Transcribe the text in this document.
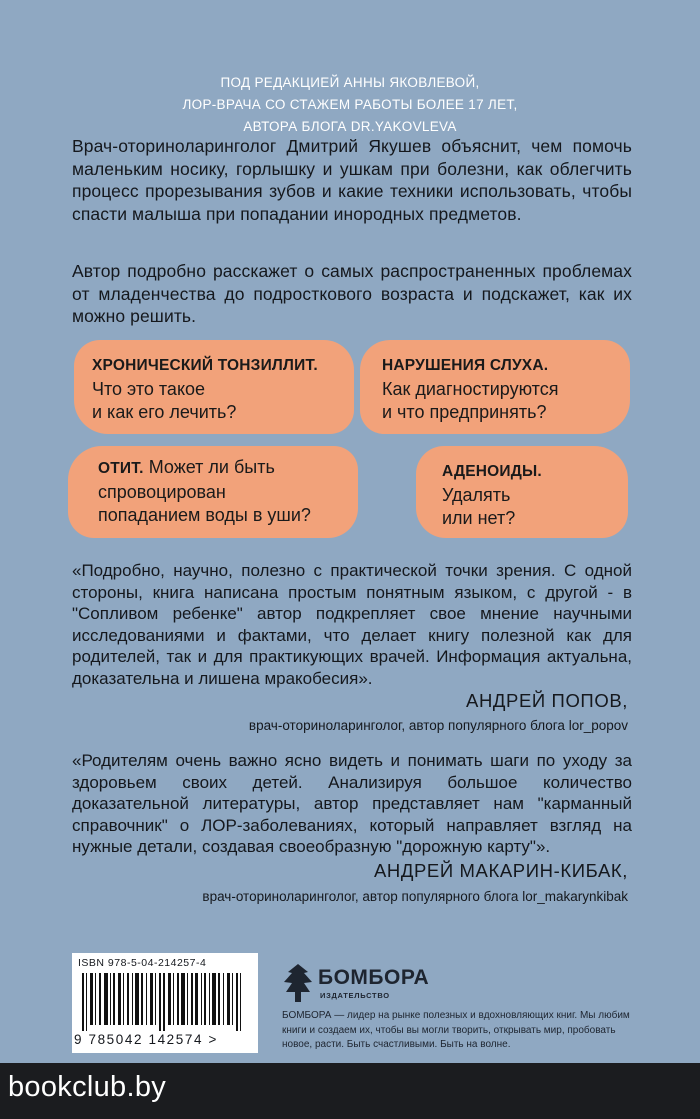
ПОД РЕДАКЦИЕЙ АННЫ ЯКОВЛЕВОЙ,
ЛОР-ВРАЧА СО СТАЖЕМ РАБОТЫ БОЛЕЕ 17 ЛЕТ,
АВТОРА БЛОГА DR.YAKOVLEVA
Врач-оториноларинголог Дмитрий Якушев объяснит, чем помочь маленьким носику, горлышку и ушкам при болезни, как облегчить процесс прорезывания зубов и какие техники использовать, чтобы спасти малыша при попадании инородных предметов.
Автор подробно расскажет о самых распространенных проблемах от младенчества до подросткового возраста и подскажет, как их можно решить.
ХРОНИЧЕСКИЙ ТОНЗИЛЛИТ.
Что это такое
и как его лечить?
НАРУШЕНИЯ СЛУХА.
Как диагностируются
и что предпринять?
ОТИТ. Может ли быть
спровоцирован
попаданием воды в уши?
АДЕНОИДЫ.
Удалять
или нет?
«Подробно, научно, полезно с практической точки зрения. С одной стороны, книга написана простым понятным языком, с другой - в "Сопливом ребенке" автор подкрепляет свое мнение научными исследованиями и фактами, что делает книгу полезной как для родителей, так и для практикующих врачей. Информация актуальна, доказательна и лишена мракобесия».
АНДРЕЙ ПОПОВ,
врач-оториноларинголог, автор популярного блога lor_popov
«Родителям очень важно ясно видеть и понимать шаги по уходу за здоровьем своих детей. Анализируя большое количество доказательной литературы, автор представляет нам "карманный справочник" о ЛОР-заболеваниях, который направляет взгляд на нужные детали, создавая своеобразную "дорожную карту"».
АНДРЕЙ МАКАРИН-КИБАК,
врач-оториноларинголог, автор популярного блога lor_makarynkibak
ISBN 978-5-04-214257-4
9 785042 142574 >
БОМБОРА
ИЗДАТЕЛЬСТВО
БОМБОРА — лидер на рынке полезных и вдохновляющих книг. Мы любим книги и создаем их, чтобы вы могли творить, открывать мир, пробовать новое, расти. Быть счастливыми. Быть на волне.
bookclub.by
